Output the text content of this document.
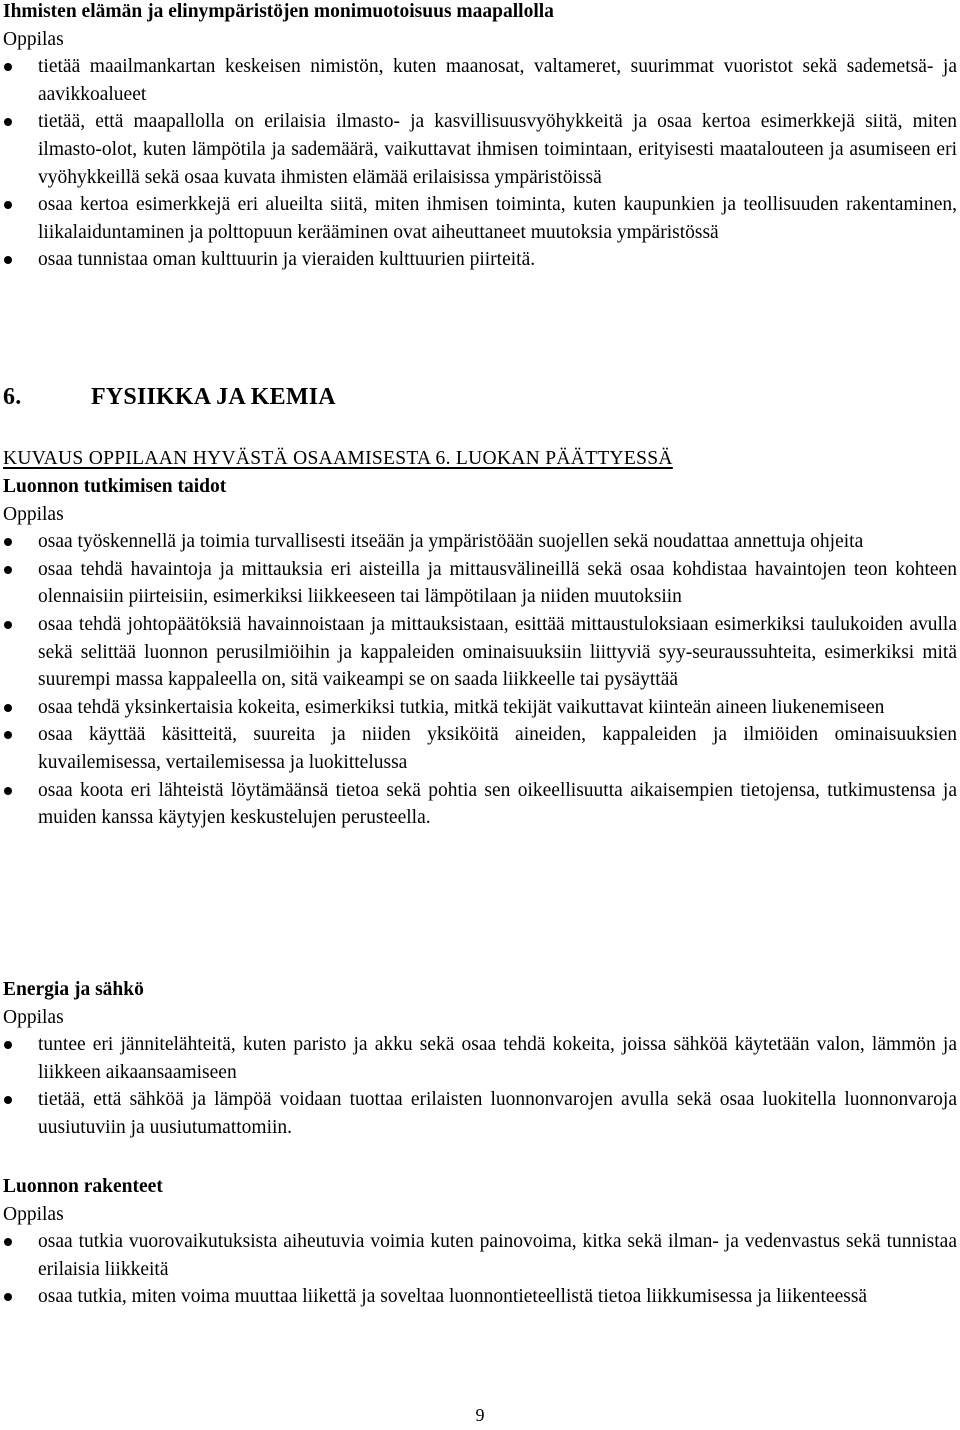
Ihmisten elämän ja elinympäristöjen monimuotoisuus maapallolla
Oppilas
tietää maailmankartan keskeisen nimistön, kuten maanosat, valtameret, suurimmat vuoristot sekä sademetsä- ja aavikkoalueet
tietää, että maapallolla on erilaisia ilmasto- ja kasvillisuusvyöhykkeitä ja osaa kertoa esimerkkejä siitä, miten ilmasto-olot, kuten lämpötila ja sademäärä, vaikuttavat ihmisen toimintaan, erityisesti maatalouteen ja asumiseen eri vyöhykkeillä sekä osaa kuvata ihmisten elämää erilaisissa ympäristöissä
osaa kertoa esimerkkejä eri alueilta siitä, miten ihmisen toiminta, kuten kaupunkien ja teollisuuden rakentaminen, liikalaiduntaminen ja polttopuun kerääminen ovat aiheuttaneet muutoksia ympäristössä
osaa tunnistaa oman kulttuurin ja vieraiden kulttuurien piirteitä.
6.	FYSIIKKA JA KEMIA
KUVAUS OPPILAAN HYVÄSTÄ OSAAMISESTA 6. LUOKAN PÄÄTTYESSÄ
Luonnon tutkimisen taidot
Oppilas
osaa työskennellä ja toimia turvallisesti itseään ja ympäristöään suojellen sekä noudattaa annettuja ohjeita
osaa tehdä havaintoja ja mittauksia eri aisteilla ja mittausvälineillä sekä osaa kohdistaa havaintojen teon kohteen olennaisiin piirteisiin, esimerkiksi liikkeeseen tai lämpötilaan ja niiden muutoksiin
osaa tehdä johtopäätöksiä havainnoistaan ja mittauksistaan, esittää mittaustuloksiaan esimerkiksi taulukoiden avulla sekä selittää luonnon perusilmiöihin ja kappaleiden ominaisuuksiin liittyviä syy-seuraussuhteita, esimerkiksi mitä suurempi massa kappaleella on, sitä vaikeampi se on saada liikkeelle tai pysäyttää
osaa tehdä yksinkertaisia kokeita, esimerkiksi tutkia, mitkä tekijät vaikuttavat kiinteän aineen liukenemiseen
osaa käyttää käsitteitä, suureita ja niiden yksiköitä aineiden, kappaleiden ja ilmiöiden ominaisuuksien kuvailemisessa, vertailemisessa ja luokittelussa
osaa koota eri lähteistä löytämäänsä tietoa sekä pohtia sen oikeellisuutta aikaisempien tietojensa, tutkimustensa ja muiden kanssa käytyjen keskustelujen perusteella.
Energia ja sähkö
Oppilas
tuntee eri jännitelähteitä, kuten paristo ja akku sekä osaa tehdä kokeita, joissa sähköä käytetään valon, lämmön ja liikkeen aikaansaamiseen
tietää, että sähköä ja lämpöä voidaan tuottaa erilaisten luonnonvarojen avulla sekä osaa luokitella luonnonvaroja uusiutuviin ja uusiutumattomiin.
Luonnon rakenteet
Oppilas
osaa tutkia vuorovaikutuksista aiheutuvia voimia kuten painovoima, kitka sekä ilman- ja vedenvastus sekä tunnistaa erilaisia liikkeitä
osaa tutkia, miten voima muuttaa liikettä ja soveltaa luonnontieteellistä tietoa liikkumisessa ja liikenteessä
9
